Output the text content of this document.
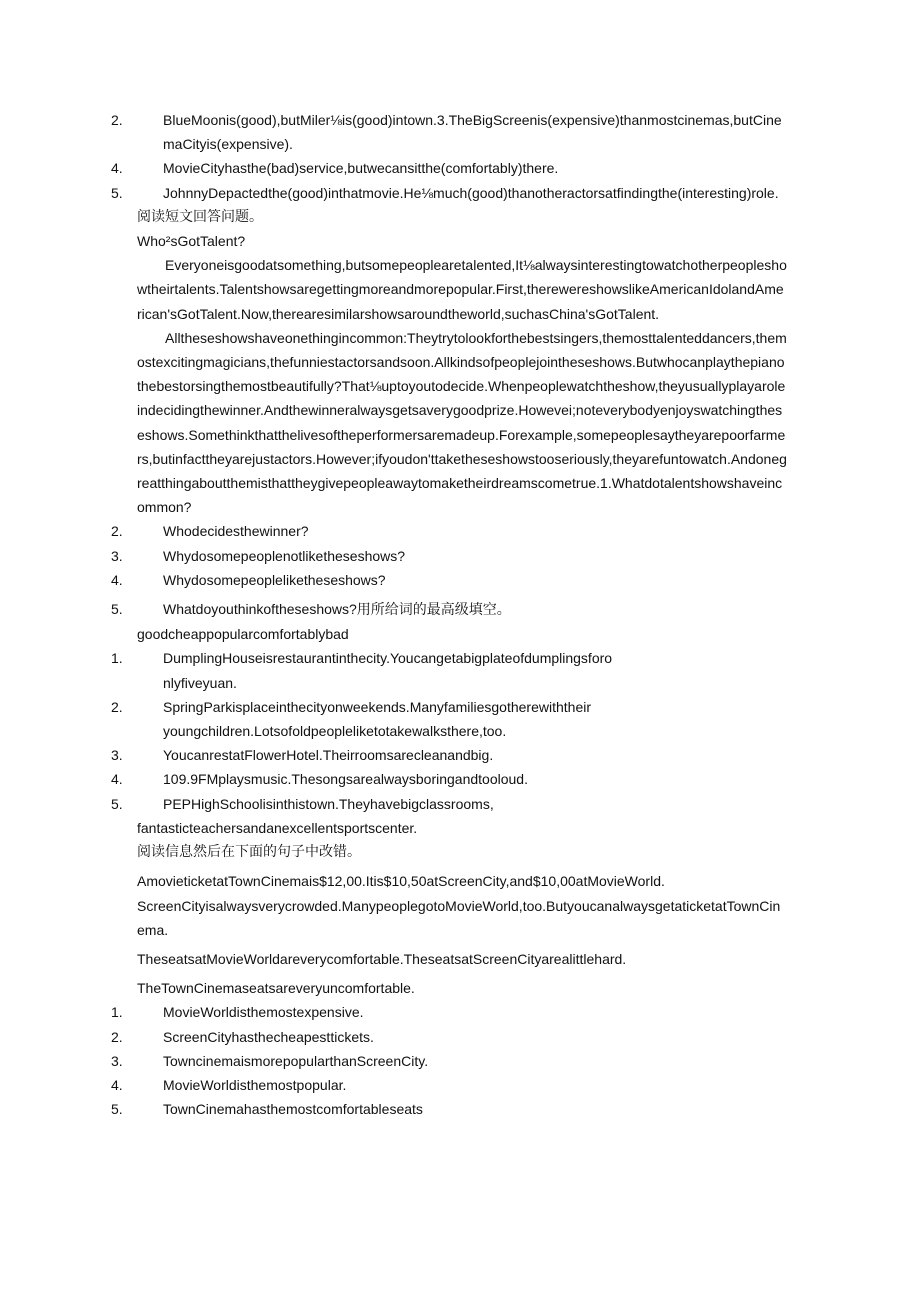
2.	BlueMoonis(good),butMiler⅛is(good)intown.3.TheBigScreenis(expensive)thanmostcinemas,butCinemaCityis(expensive).
4.	MovieCityhasthe(bad)service,butwecansitthe(comfortably)there.
5.	JohnnyDepactedthe(good)inthatmovie.He⅛much(good)thanotheractorsatfindingthe(interesting)role.
阅读短文回答问题。
Who²sGotTalent?
Everyoneisgoodatsomething,butsomepeoplearetalented,It⅛alwaysinterestingtowatchotherpeopleshowtheirtalents.Talentshowsaregettingmoreandmorepopular.First,therewereshowslikeAmericanIdolandAmerican'sGotTalent.Now,therearesimilarshowsaroundtheworld,suchasChina'sGotTalent.
Alltheseshowshaveonethingincommon:Theytrytolookforthebestsingers,themosttalenteddancers,themostexcitingmagicians,thefunniestactorsandsoon.Allkindsofpeoplejointheseshows.Butwhocanplaythepianothebestorsingthemostbeautifully?That⅛uptoyoutodecide.Whenpeoplewatchtheshow,theyusuallyplayaroleindecidingthewinner.Andthewinneralwaysgetsaverygoodprize.Howevei;noteverybodyenjoyswatchingtheseshows.Somethinkthatthelivesoftheperformersaremadeup.Forexample,somepeoplesaytheyarepoorfarmers,butinfacttheyarejustactors.However;ifyoudon'ttaketheseshowstooseriously,theyarefuntowatch.Andonegreatthingaboutthemisthattheygivepeopleawaytomaketheirdreamscometrue.1.Whatdotalentshowshaveincommon?
2.	Whodecidesthewinner?
3.	Whydosomepeoplenotliketheseshows?
4.	Whydosomepeopleliketheseshows?
5.	Whatdoyouthinkoftheseshows?用所给词的最高级填空。
goodcheappopularcomfortablybad
1.	DumplingHouseisrestaurantinthecity.Youcangetabigplateofdumplingsforonlyfiveyuan.
2.	SpringParkisplaceinthecityonweekends.Manyfamiliesgotherewiththeiryoungchildren.Lotsofoldpeopleliketotakewalksthere,too.
3.	YoucanrestatFlowerHotel.Theirroomsarecleanandbig.
4.	109.9FMplaysmusic.Thesongsarealwaysboringandtooloud.
5.	PEPHighSchoolisinthistown.Theyhavebigclassrooms,
fantasticteachersandanexcellentsportscenter.
阅读信息然后在下面的句子中改错。
AmovieticketatTownCinemais$12,00.Itis$10,50atScreenCity,and$10,00atMovieWorld.
ScreenCityisalwaysverycrowded.ManypeoplegotoMovieWorld,too.ButyoucanalwaysgetaticketatTownCinema.
TheseatsatMovieWorldareverycomfortable.TheseatsatScreenCityarealittlehard.
TheTownCinemaseatsareveryuncomfortable.
1.	MovieWorldisthemostexpensive.
2.	ScreenCityhasthecheapesttickets.
3.	TowncinemaismorepopularthanScreenCity.
4.	MovieWorldisthemostpopular.
5.	TownCinemahasthemostcomfortableseats
